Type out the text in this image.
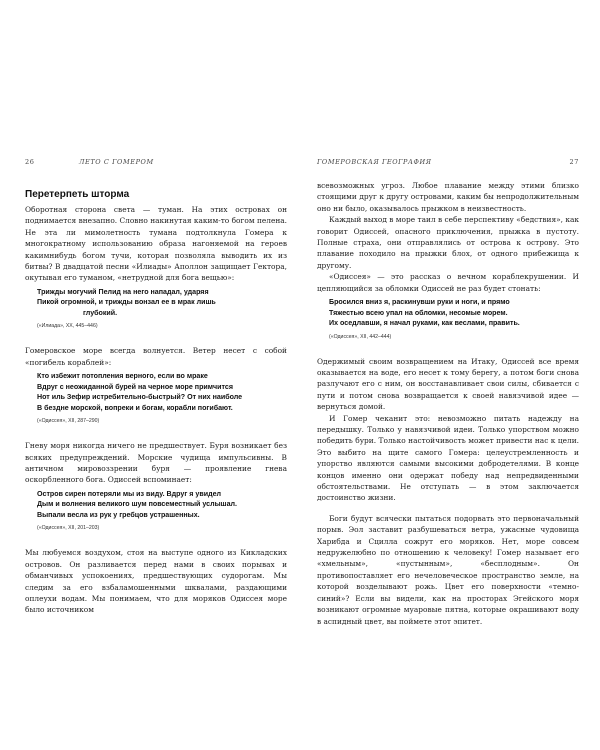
26	ЛЕТО С ГОМЕРОМ
Перетерпеть шторма

Оборотная сторона света — туман. На этих островах он поднимается внезапно. Словно накинутая каким-то богом пелена. Не эта ли мимолетность тумана подтолкнула Гомера к многократному использованию образа нагоняемой на героев какимнибудь богом тучи, которая позволяла выводить их из битвы? В двадцатой песни «Илиады» Аполлон защищает Гектора, окутывая его туманом, «нетрудной для бога вещью»:

Трижды могучий Пелид на него нападал, ударяя
Пикой огромной, и трижды вонзал ее в мрак лишь
глубокий.
(«Илиада», XX, 445–446)

Гомеровское море всегда волнуется. Ветер несет с собой «погибель кораблей»:

Кто избежит потопления верного, если во мраке
Вдруг с неожиданной бурей на черное море примчится
Нот иль Зефир истребительно-быстрый? От них наиболе
В бездне морской, вопреки и богам, корабли погибают.
(«Одиссея», XII, 287–290)

Гневу моря никогда ничего не предшествует. Буря возникает без всяких предупреждений. Морские чудища импульсивны. В античном мировоззрении буря — проявление гнева оскорбленного бога. Одиссей вспоминает:

Остров сирен потеряли мы из виду. Вдруг я увидел
Дым и волнения великого шум повсеместный услышал.
Выпали весла из рук у гребцов устрашенных.
(«Одиссея», XII, 201–203)

Мы любуемся воздухом, стоя на выступе одного из Кикладских островов. Он разливается перед нами в своих порывах и обманчивых успокоениях, предшествующих судорогам. Мы следим за его взбаламошенными шквалами, раздающими оплеухи водам. Мы понимаем, что для моряков Одиссея море было источником

ГОМЕРОВСКАЯ ГЕОГРАФИЯ	27

всевозможных угроз. Любое плавание между этими близко стоящими друг к другу островами, каким бы непродолжительным оно ни было, оказывалось прыжком в неизвестность.

Каждый выход в море таил в себе перспективу «бедствия», как говорит Одиссей, опасного приключения, прыжка в пустоту. Полные страха, они отправлялись от острова к острову. Это плавание походило на прыжки блох, от одного прибежища к другому.

«Одиссея» — это рассказ о вечном кораблекрушении. И цепляющийся за обломки Одиссей не раз будет стонать:

Бросился вниз я, раскинувши руки и ноги, и прямо
Тяжестью всею упал на обломки, несомые морем.
Их оседлавши, я начал руками, как веслами, править.
(«Одиссея», XII, 442–444)

Одержимый своим возвращением на Итаку, Одиссей все время оказывается на воде, его несет к тому берегу, а потом боги снова разлучают его с ним, он восстанавливает свои силы, сбивается с пути и потом снова возвращается к своей навязчивой идее — вернуться домой.

И Гомер чеканит это: невозможно питать надежду на передышку. Только у навязчивой идеи. Только упорством можно победить бури. Только настойчивость может привести нас к цели. Это выбито на щите самого Гомера: целеустремленность и упорство являются самыми высокими добродетелями. В конце концов именно они одержат победу над непредвиденными обстоятельствами. Не отступать — в этом заключается достоинство жизни.

Боги будут всячески пытаться подорвать это первоначальный порыв. Эол заставит разбушеваться ветра, ужасные чудовища Харибда и Сцилла сожрут его моряков. Нет, море совсем недружелюбно по отношению к человеку! Гомер называет его «хмельным», «пустынным», «бесплодным». Он противопоставляет его нечеловеческое пространство земле, на которой возделывают рожь. Цвет его поверхности «темно-синий»? Если вы видели, как на просторах Эгейского моря возникают огромные муаровые пятна, которые окрашивают воду в аспидный цвет, вы поймете этот эпитет.
